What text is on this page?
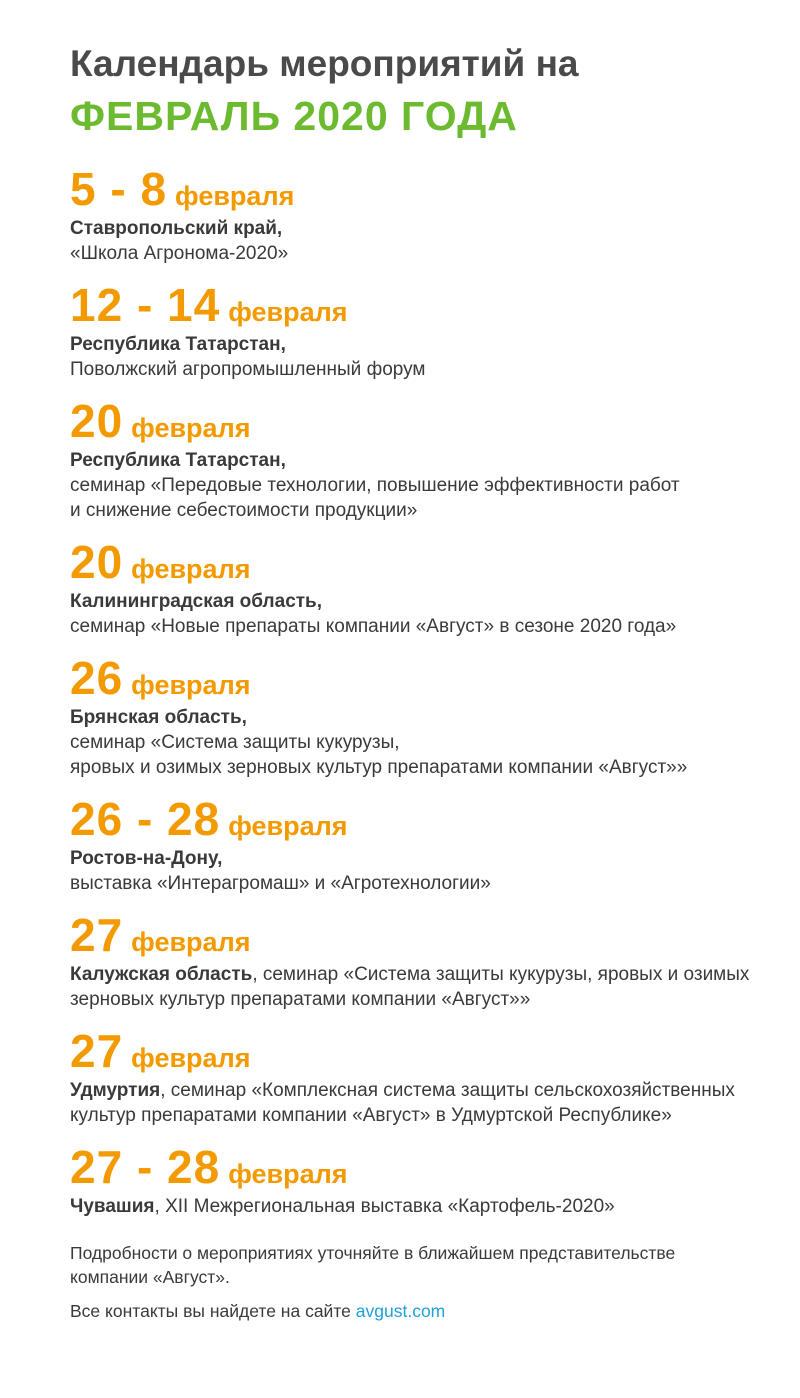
Календарь мероприятий на
ФЕВРАЛЬ 2020 ГОДА
5 - 8 февраля
Ставропольский край,
«Школа Агронома-2020»
12 - 14 февраля
Республика Татарстан,
Поволжский агропромышленный форум
20 февраля
Республика Татарстан,
семинар «Передовые технологии, повышение эффективности работ
и снижение себестоимости продукции»
20 февраля
Калининградская область,
семинар «Новые препараты компании «Август» в сезоне 2020 года»
26 февраля
Брянская область,
семинар «Система защиты кукурузы,
яровых и озимых зерновых культур препаратами компании «Август»»
26 - 28 февраля
Ростов-на-Дону,
выставка «Интерагромаш» и «Агротехнологии»
27 февраля
Калужская область, семинар «Система защиты кукурузы, яровых и озимых зерновых культур препаратами компании «Август»»
27 февраля
Удмуртия, семинар «Комплексная система защиты сельскохозяйственных культур препаратами компании «Август» в Удмуртской Республике»
27 - 28 февраля
Чувашия, XII Межрегиональная выставка «Картофель-2020»

Подробности о мероприятиях уточняйте в ближайшем представительстве компании «Август».

Все контакты вы найдете на сайте avgust.com
